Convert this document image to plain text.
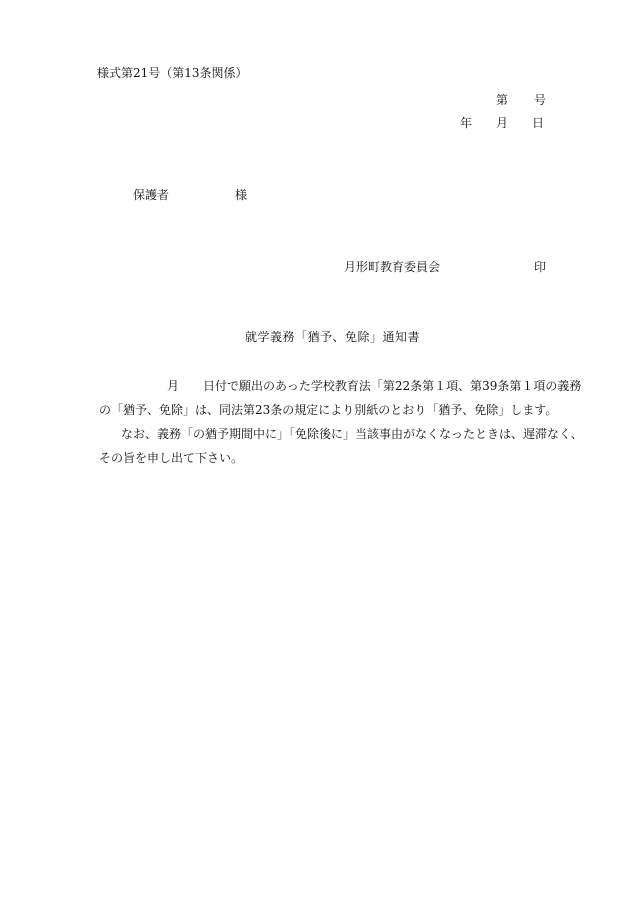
様式第21号（第13条関係）
第 号
年 月 日
保護者	様
月形町教育委員会	印
就学義務「猶予、免除」通知書
月 日付で願出のあった学校教育法「第22条第１項、第39条第１項の義務
の「猶予、免除」は、同法第23条の規定により別紙のとおり「猶予、免除」します。
なお、義務「の猶予期間中に」「免除後に」当該事由がなくなったときは、遅滞なく、
その旨を申し出て下さい。
